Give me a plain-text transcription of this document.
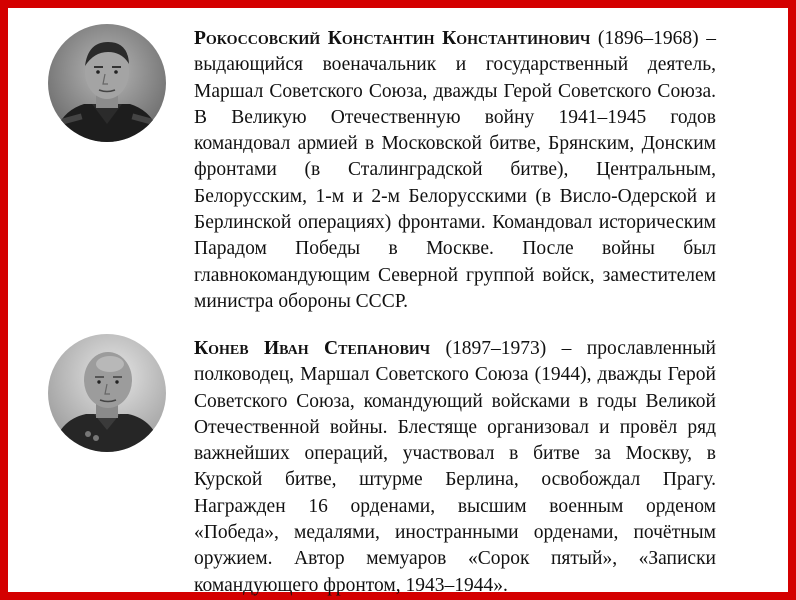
Рокоссовский Константин Константинович (1896–1968) – выдающийся военачальник и государственный деятель, Маршал Советского Союза, дважды Герой Советского Союза. В Великую Отечественную войну 1941–1945 годов командовал армией в Московской битве, Брянским, Донским фронтами (в Сталинградской битве), Центральным, Белорусским, 1-м и 2-м Белорусскими (в Висло-Одерской и Берлинской операциях) фронтами. Командовал историческим Парадом Победы в Москве. После войны был главнокомандующим Северной группой войск, заместителем министра обороны СССР.

Конев Иван Степанович (1897–1973) – прославленный полководец, Маршал Советского Союза (1944), дважды Герой Советского Союза, командующий войсками в годы Великой Отечественной войны. Блестяще организовал и провёл ряд важнейших операций, участвовал в битве за Москву, в Курской битве, штурме Берлина, освобождал Прагу. Награжден 16 орденами, высшим военным орденом «Победа», медалями, иностранными орденами, почётным оружием. Автор мемуаров «Сорок пятый», «Записки командующего фронтом, 1943–1944».
